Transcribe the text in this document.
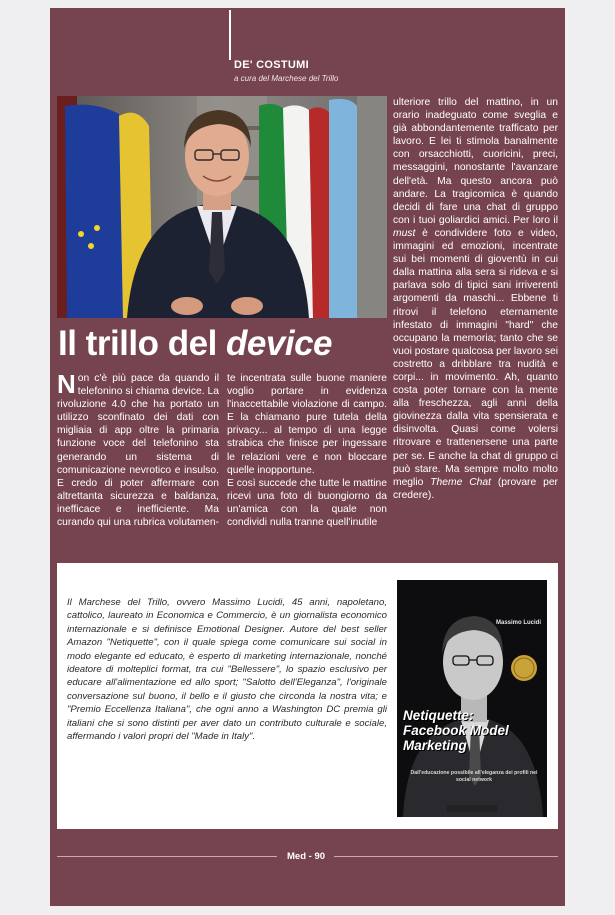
DE' COSTUMI
a cura del Marchese del Trillo
Il trillo del device

Non c'è più pace da quando il telefonino si chiama device. La rivoluzione 4.0 che ha portato un utilizzo sconfinato dei dati con migliaia di app oltre la primaria funzione voce del telefonino sta generando un sistema di comunicazione nevrotico e insulso. E credo di poter affermare con altrettanta sicurezza e baldanza, inefficace e inefficiente. Ma curando qui una rubrica volutamen-

te incentrata sulle buone maniere voglio portare in evidenza l'inaccettabile violazione di campo. E la chiamano pure tutela della privacy... al tempo di una legge strabica che finisce per ingessare le relazioni vere e non bloccare quelle inopportune.

E così succede che tutte le mattine ricevi una foto di buongiorno da un'amica con la quale non condividi nulla tranne quell'inutile

ulteriore trillo del mattino, in un orario inadeguato come sveglia e già abbondantemente trafficato per lavoro. E lei ti stimola banalmente con orsacchiotti, cuoricini, preci, messaggini, nonostante l'avanzare dell'età. Ma questo ancora può andare. La tragicomica è quando decidi di fare una chat di gruppo con i tuoi goliardici amici. Per loro il must è condividere foto e video, immagini ed emozioni, incentrate sui bei momenti di gioventù in cui dalla mattina alla sera si rideva e si parlava solo di tipici sani irriverenti argomenti da maschi... Ebbene ti ritrovi il telefono eternamente infestato di immagini "hard" che occupano la memoria; tanto che se vuoi postare qualcosa per lavoro sei costretto a dribblare tra nudità e corpi... in movimento. Ah, quanto costa poter tornare con la mente alla freschezza, agli anni della giovinezza dalla vita spensierata e disinvolta. Quasi come volersi ritrovare e trattenersene una parte per se. E anche la chat di gruppo ci può stare. Ma sempre molto molto meglio Theme Chat (provare per credere).

Il Marchese del Trillo, ovvero Massimo Lucidi, 45 anni, napoletano, cattolico, laureato in Economica e Commercio, è un giornalista economico internazionale e si definisce Emotional Designer. Autore del best seller Amazon "Netiquette", con il quale spiega come comunicare sui social in modo elegante ed educato, è esperto di marketing internazionale, nonché ideatore di molteplici format, tra cui "Bellessere", lo spazio esclusivo per educare all'alimentazione ed allo sport; "Salotto dell'Eleganza", l'originale conversazione sul buono, il bello e il giusto che circonda la nostra vita; e "Premio Eccellenza Italiana", che ogni anno a Washington DC premia gli italiani che si sono distinti per aver dato un contributo culturale e sociale, affermando i valori propri del "Made in Italy".
Massimo Lucidi
Netiquette:
Facebook Model
Marketing
Dall'educazione possibile all'eleganza dei profili nei social network
Med - 90
